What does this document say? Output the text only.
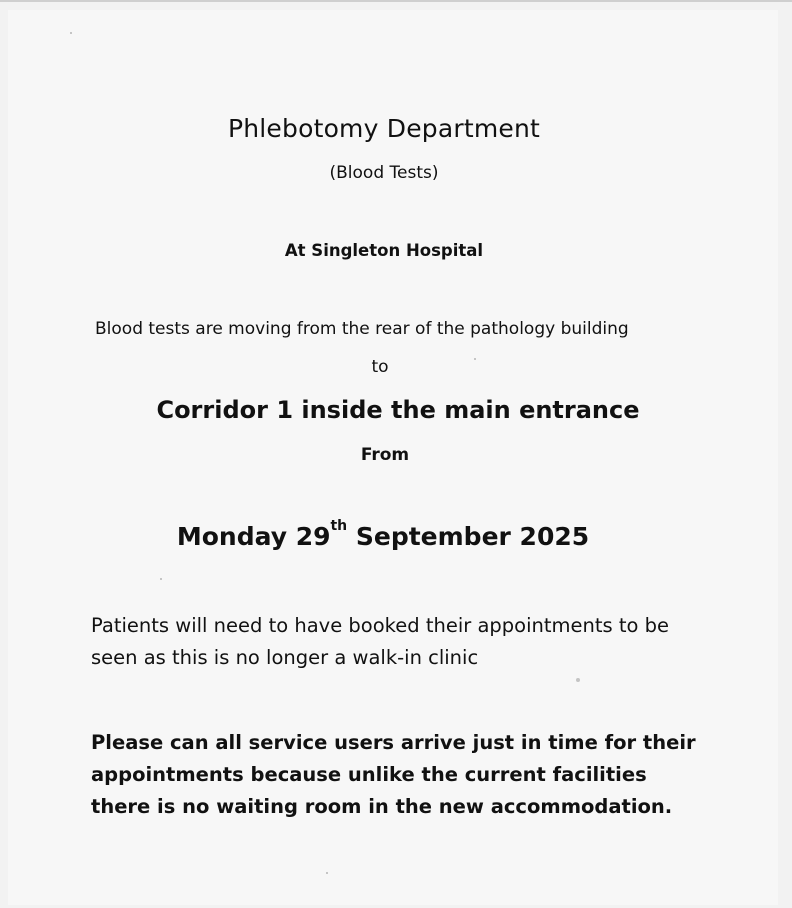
Phlebotomy Department

(Blood Tests)

At Singleton Hospital

Blood tests are moving from the rear of the pathology building

to

Corridor 1 inside the main entrance

From

Monday 29th September 2025

Patients will need to have booked their appointments to be seen as this is no longer a walk-in clinic

Please can all service users arrive just in time for their appointments because unlike the current facilities there is no waiting room in the new accommodation.
